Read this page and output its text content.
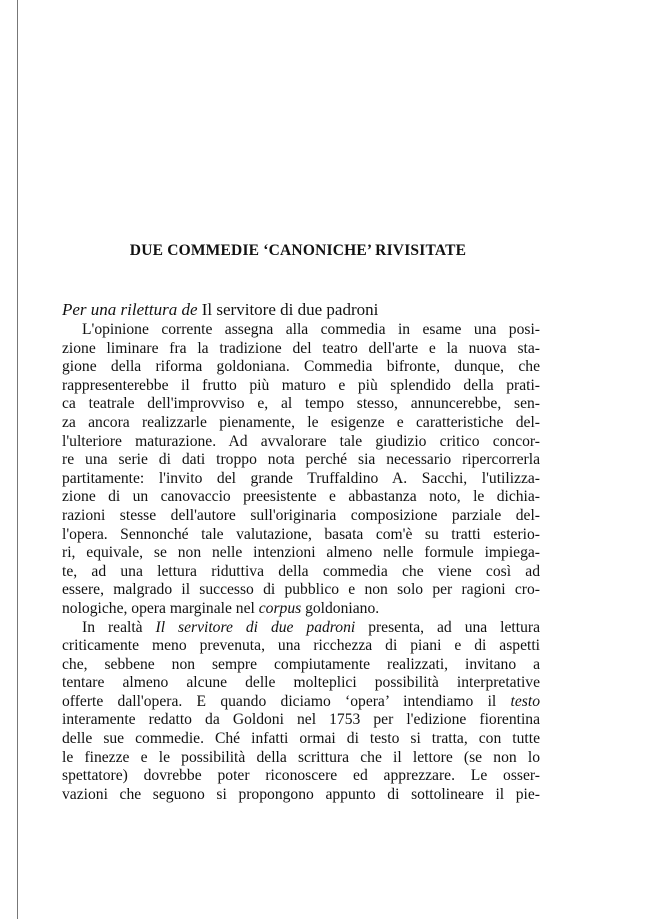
DUE COMMEDIE ‘CANONICHE’ RIVISITATE
Per una rilettura de Il servitore di due padroni
L'opinione corrente assegna alla commedia in esame una posi-
zione liminare fra la tradizione del teatro dell'arte e la nuova sta-
gione della riforma goldoniana. Commedia bifronte, dunque, che
rappresenterebbe il frutto più maturo e più splendido della prati-
ca teatrale dell'improvviso e, al tempo stesso, annuncerebbe, sen-
za ancora realizzarle pienamente, le esigenze e caratteristiche del-
l'ulteriore maturazione. Ad avvalorare tale giudizio critico concor-
re una serie di dati troppo nota perché sia necessario ripercorrerla
partitamente: l'invito del grande Truffaldino A. Sacchi, l'utilizza-
zione di un canovaccio preesistente e abbastanza noto, le dichia-
razioni stesse dell'autore sull'originaria composizione parziale del-
l'opera. Sennonché tale valutazione, basata com'è su tratti esterio-
ri, equivale, se non nelle intenzioni almeno nelle formule impiega-
te, ad una lettura riduttiva della commedia che viene così ad
essere, malgrado il successo di pubblico e non solo per ragioni cro-
nologiche, opera marginale nel corpus goldoniano.
In realtà Il servitore di due padroni presenta, ad una lettura
criticamente meno prevenuta, una ricchezza di piani e di aspetti
che, sebbene non sempre compiutamente realizzati, invitano a
tentare almeno alcune delle molteplici possibilità interpretative
offerte dall'opera. E quando diciamo ‘opera’ intendiamo il testo
interamente redatto da Goldoni nel 1753 per l'edizione fiorentina
delle sue commedie. Ché infatti ormai di testo si tratta, con tutte
le finezze e le possibilità della scrittura che il lettore (se non lo
spettatore) dovrebbe poter riconoscere ed apprezzare. Le osser-
vazioni che seguono si propongono appunto di sottolineare il pie-
